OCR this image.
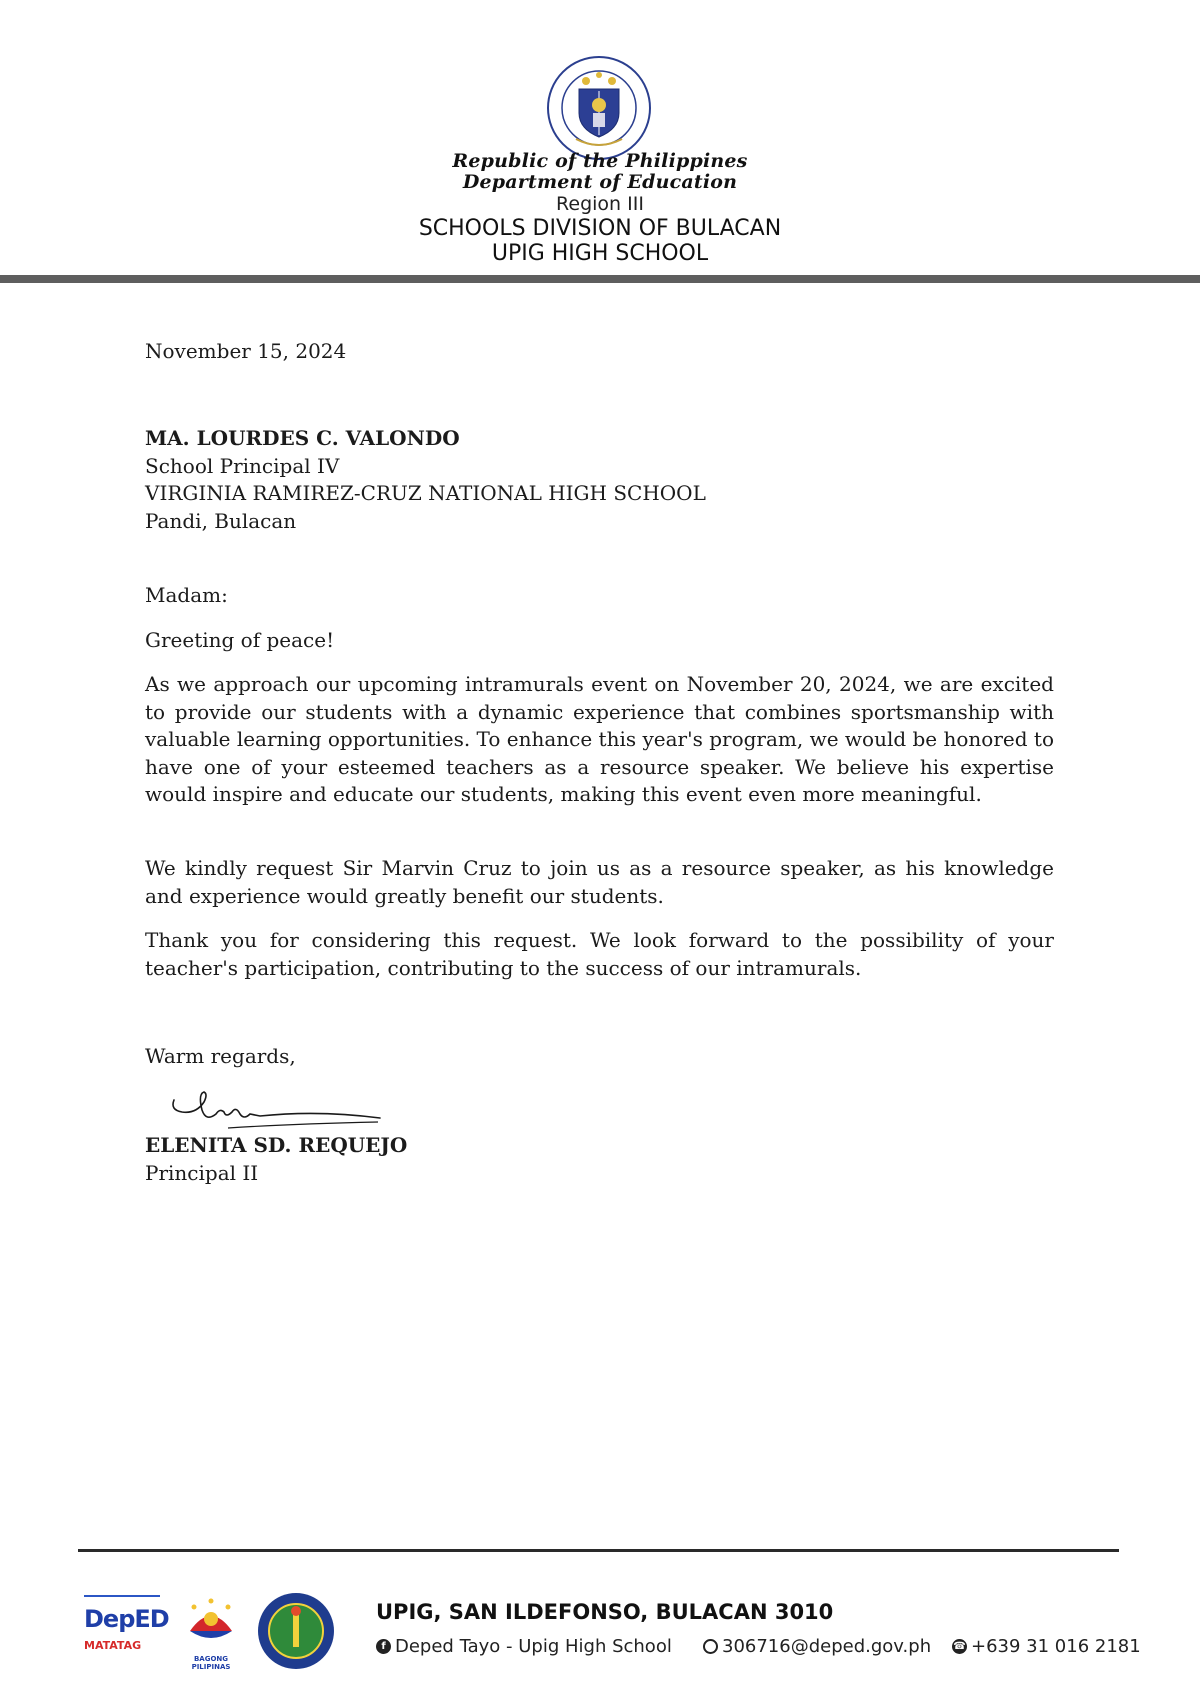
Republic of the Philippines
Department of Education
Region III
SCHOOLS DIVISION OF BULACAN
UPIG HIGH SCHOOL
November 15, 2024
MA. LOURDES C. VALONDO
School Principal IV
VIRGINIA RAMIREZ-CRUZ NATIONAL HIGH SCHOOL
Pandi, Bulacan
Madam:
Greeting of peace!
As we approach our upcoming intramurals event on November 20, 2024, we are excited to provide our students with a dynamic experience that combines sportsmanship with valuable learning opportunities. To enhance this year's program, we would be honored to have one of your esteemed teachers as a resource speaker. We believe his expertise would inspire and educate our students, making this event even more meaningful.
We kindly request Sir Marvin Cruz to join us as a resource speaker, as his knowledge and experience would greatly benefit our students.
Thank you for considering this request. We look forward to the possibility of your teacher's participation, contributing to the success of our intramurals.
Warm regards,
ELENITA SD. REQUEJO
Principal II
DepED
MATATAG
BAGONG PILIPINAS
UPIG, SAN ILDEFONSO, BULACAN 3010
f Deped Tayo - Upig High School	306716@deped.gov.ph ☎ +639 31 016 2181
